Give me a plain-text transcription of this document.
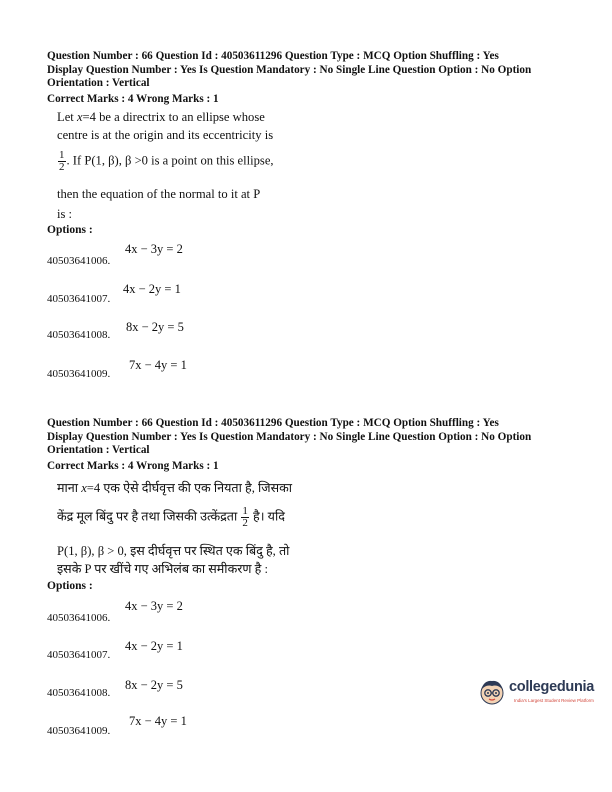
Question Number : 66 Question Id : 40503611296 Question Type : MCQ Option Shuffling : Yes

Display Question Number : Yes Is Question Mandatory : No Single Line Question Option : No Option

Orientation : Vertical

Correct Marks : 4 Wrong Marks : 1

Let x=4 be a directrix to an ellipse whose
centre is at the origin and its eccentricity is
$\frac{1}{2}$ . If P(1, β), β >0 is a point on this ellipse,
then the equation of the normal to it at P
is :
Options :
40503641006.
4x − 3y = 2
40503641007.
4x − 2y = 1
40503641008.
8x − 2y = 5
40503641009.
7x − 4y = 1

Question Number : 66 Question Id : 40503611296 Question Type : MCQ Option Shuffling : Yes

Display Question Number : Yes Is Question Mandatory : No Single Line Question Option : No Option

Orientation : Vertical

Correct Marks : 4 Wrong Marks : 1

माना x=4 एक ऐसे दीर्घवृत्त की एक नियता है, जिसका
केंद्र मूल बिंदु पर है तथा जिसकी उत्केंद्रता $\frac{1}{2}$ है। यदि
P(1, β), β > 0, इस दीर्घवृत्त पर स्थित एक बिंदु है, तो
इसके P पर खींचे गए अभिलंब का समीकरण है :
Options :
40503641006.
4x − 3y = 2
40503641007.
4x − 2y = 1
40503641008.
8x − 2y = 5
40503641009.
7x − 4y = 1
collegedunia
India's Largest Student Review Platform
